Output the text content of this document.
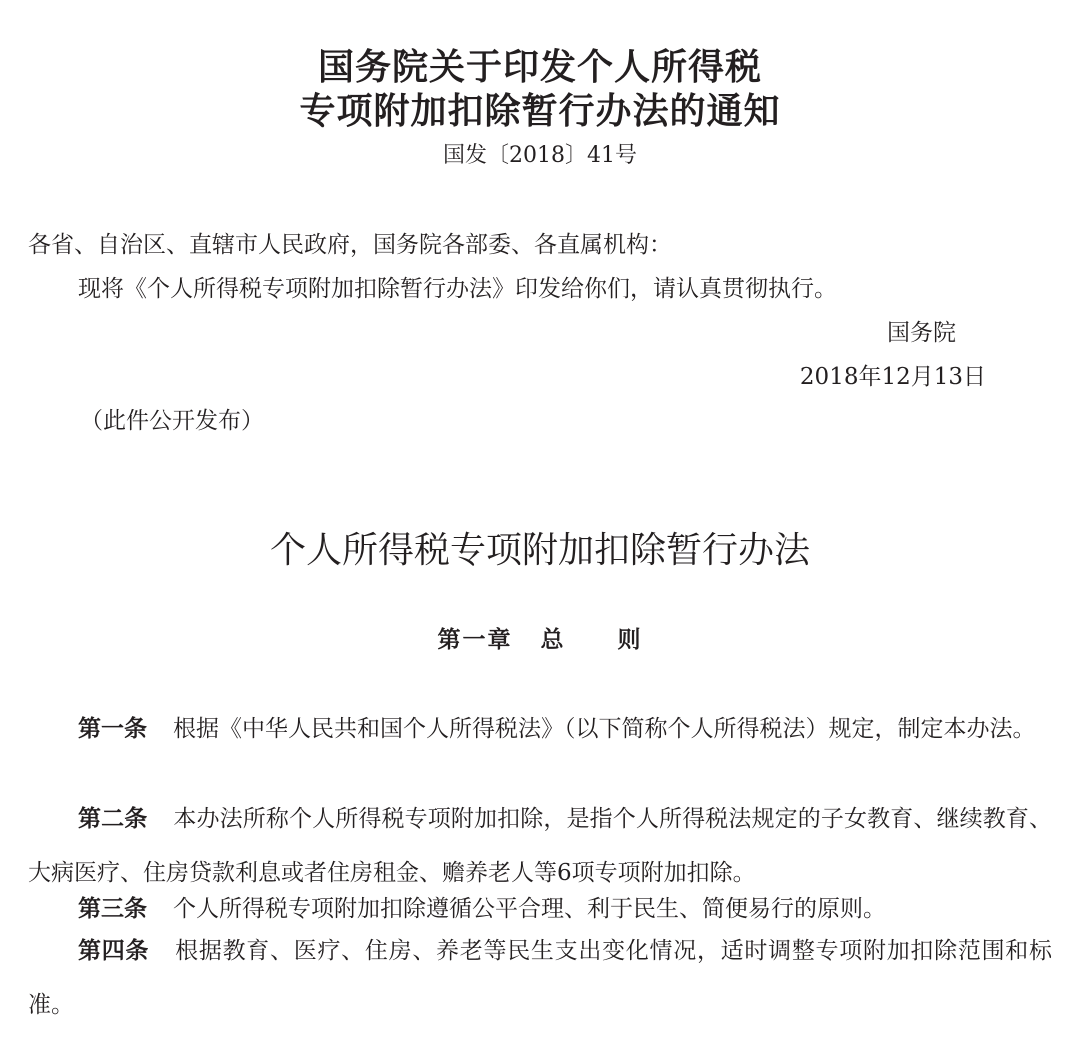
国务院关于印发个人所得税
专项附加扣除暂行办法的通知
国发〔2018〕41号
各省、自治区、直辖市人民政府，国务院各部委、各直属机构：
现将《个人所得税专项附加扣除暂行办法》印发给你们，请认真贯彻执行。
国务院
2018年12月13日
（此件公开发布）
个人所得税专项附加扣除暂行办法
第一章 总 则
第一条 根据《中华人民共和国个人所得税法》（以下简称个人所得税法）规定，制定本办法。
第二条 本办法所称个人所得税专项附加扣除，是指个人所得税法规定的子女教育、继续教育、大病医疗、住房贷款利息或者住房租金、赡养老人等6项专项附加扣除。
第三条 个人所得税专项附加扣除遵循公平合理、利于民生、简便易行的原则。
第四条 根据教育、医疗、住房、养老等民生支出变化情况，适时调整专项附加扣除范围和标准。
